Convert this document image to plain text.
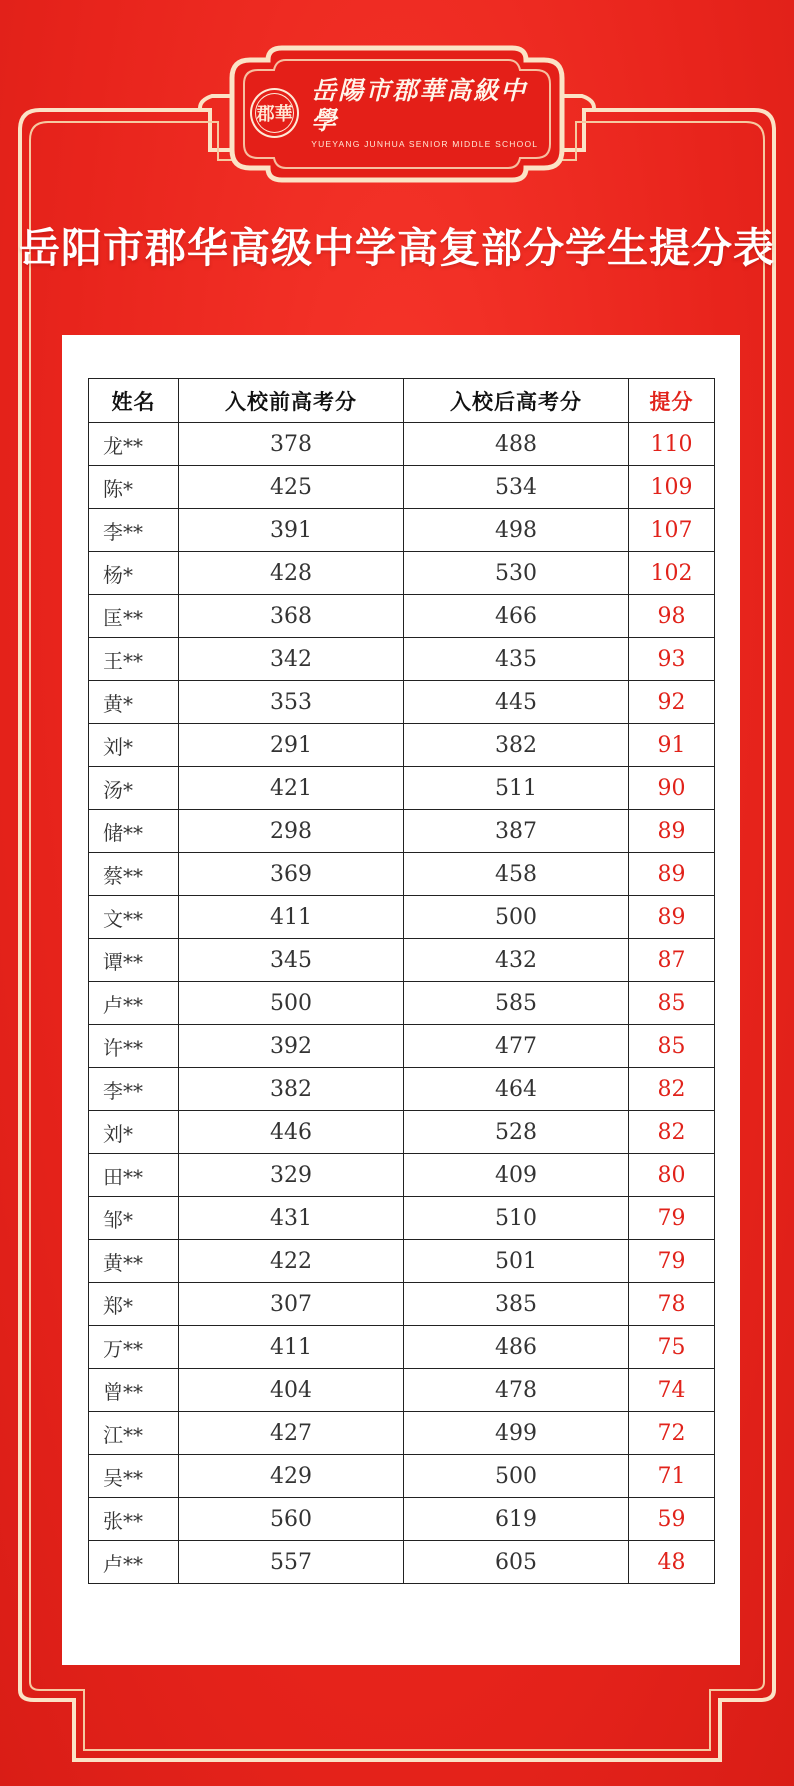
郡華
岳陽市郡華高級中學
YUEYANG JUNHUA SENIOR MIDDLE SCHOOL
岳阳市郡华高级中学高复部分学生提分表
姓名	入校前高考分	入校后高考分	提分
龙**	378	488	110
陈*	425	534	109
李**	391	498	107
杨*	428	530	102
匡**	368	466	98
王**	342	435	93
黄*	353	445	92
刘*	291	382	91
汤*	421	511	90
储**	298	387	89
蔡**	369	458	89
文**	411	500	89
谭**	345	432	87
卢**	500	585	85
许**	392	477	85
李**	382	464	82
刘*	446	528	82
田**	329	409	80
邹*	431	510	79
黄**	422	501	79
郑*	307	385	78
万**	411	486	75
曾**	404	478	74
江**	427	499	72
吴**	429	500	71
张**	560	619	59
卢**	557	605	48
